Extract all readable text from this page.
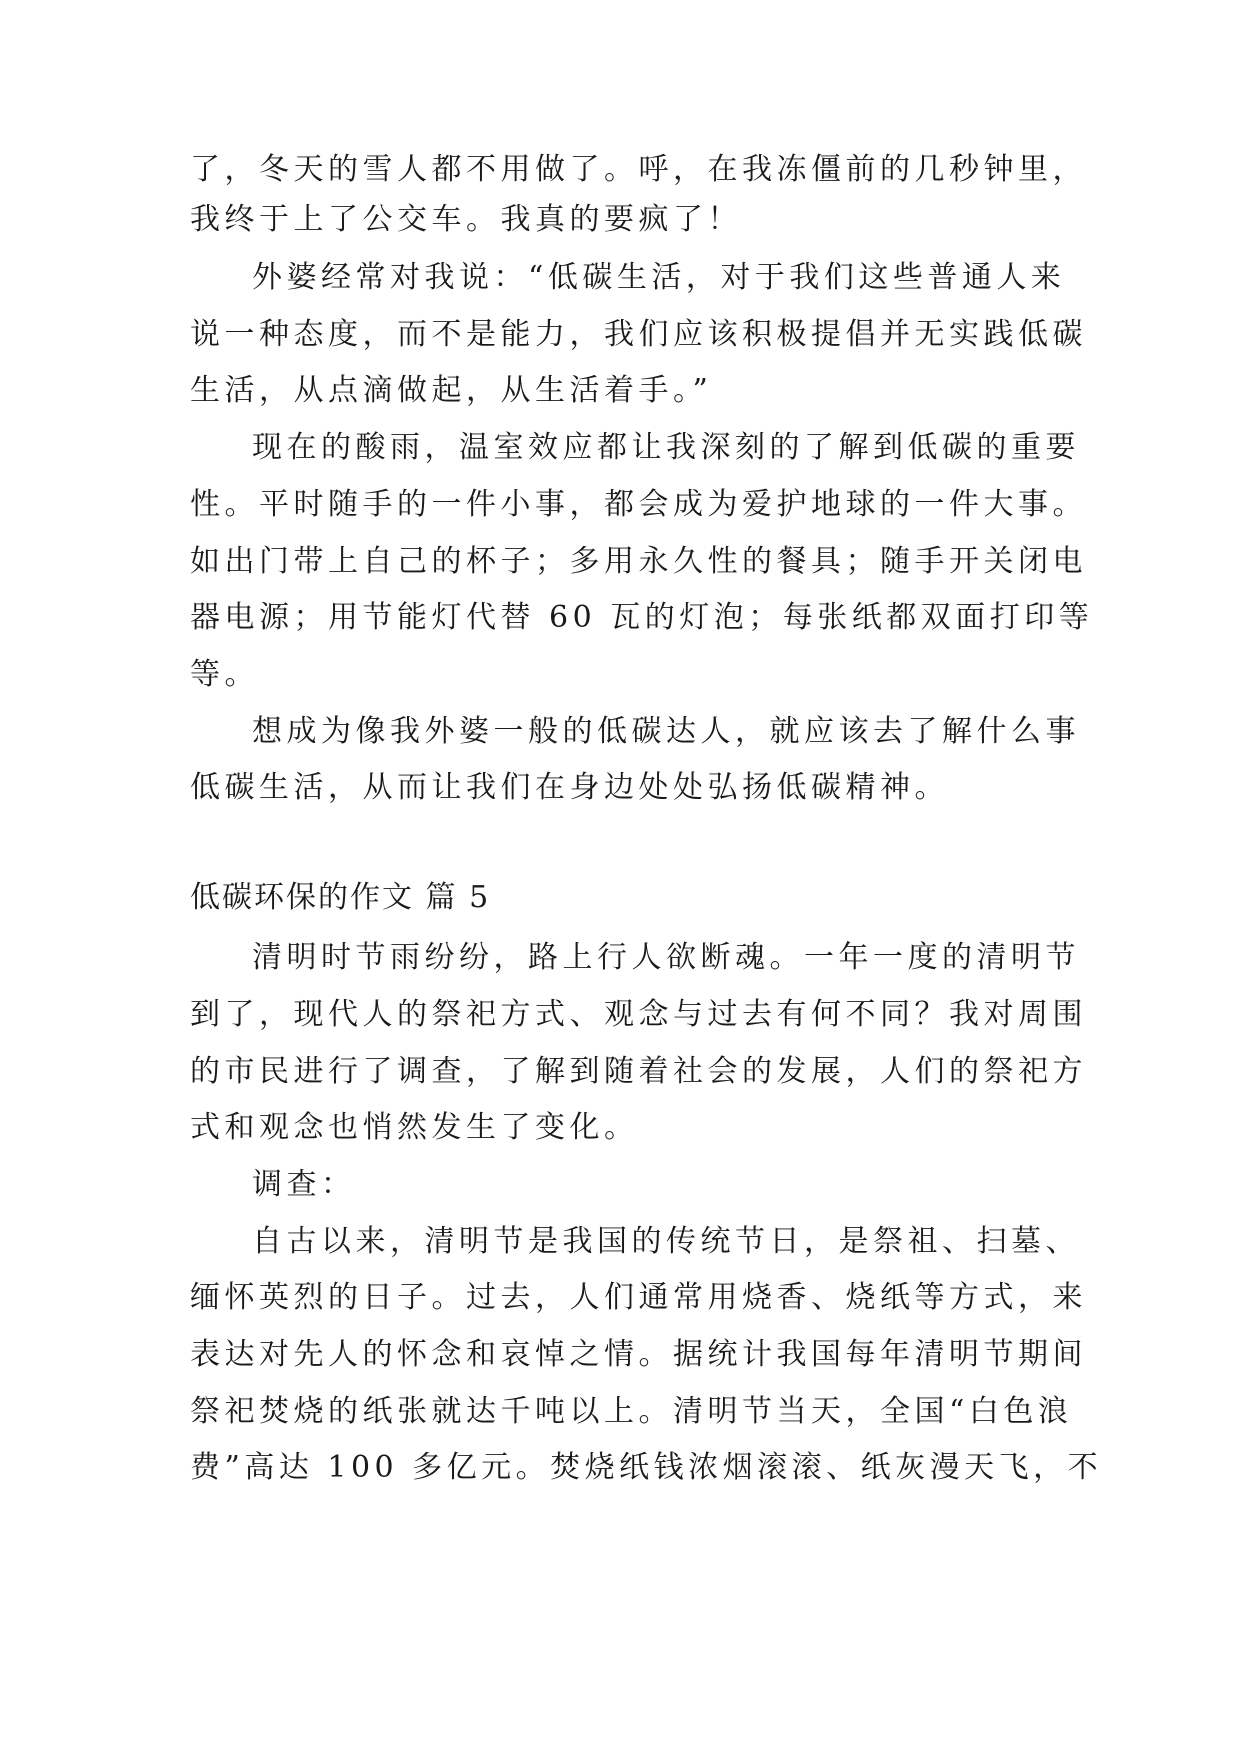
了，冬天的雪人都不用做了。呼，在我冻僵前的几秒钟里，
我终于上了公交车。我真的要疯了！
外婆经常对我说：“低碳生活，对于我们这些普通人来
说一种态度，而不是能力，我们应该积极提倡并无实践低碳
生活，从点滴做起，从生活着手。”
现在的酸雨，温室效应都让我深刻的了解到低碳的重要
性。平时随手的一件小事，都会成为爱护地球的一件大事。
如出门带上自己的杯子；多用永久性的餐具；随手开关闭电
器电源；用节能灯代替 60 瓦的灯泡；每张纸都双面打印等
等。
想成为像我外婆一般的低碳达人，就应该去了解什么事
低碳生活，从而让我们在身边处处弘扬低碳精神。
低碳环保的作文 篇 5
清明时节雨纷纷，路上行人欲断魂。一年一度的清明节
到了，现代人的祭祀方式、观念与过去有何不同？我对周围
的市民进行了调查，了解到随着社会的发展，人们的祭祀方
式和观念也悄然发生了变化。
调查：
自古以来，清明节是我国的传统节日，是祭祖、扫墓、
缅怀英烈的日子。过去，人们通常用烧香、烧纸等方式，来
表达对先人的怀念和哀悼之情。据统计我国每年清明节期间
祭祀焚烧的纸张就达千吨以上。清明节当天，全国“白色浪
费”高达 100 多亿元。焚烧纸钱浓烟滚滚、纸灰漫天飞，不
